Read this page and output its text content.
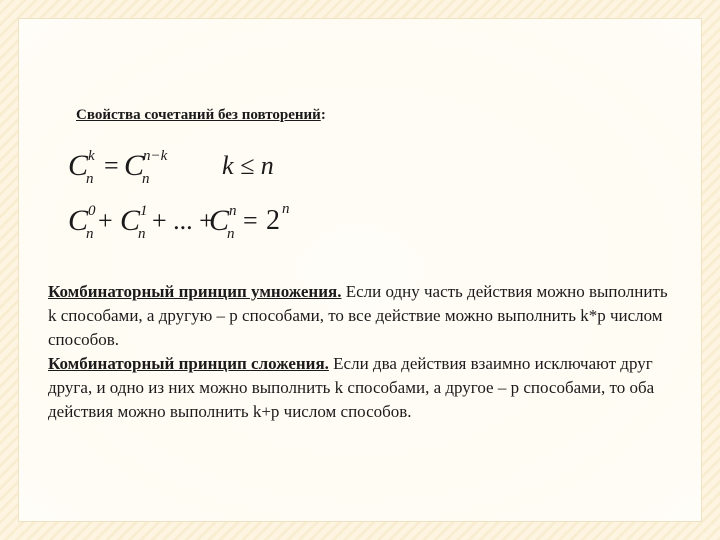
Свойства сочетаний без повторений:
C k
n = C
n−k
n	k ≤ n
C 0
n + C 1
n + ... +
C n
n = 2 n

Комбинаторный принцип умножения. Если одну часть действия можно выполнить k способами, а другую – p способами, то все действие можно выполнить k*p числом способов.

Комбинаторный принцип сложения. Если два действия взаимно исключают друг друга, и одно из них можно выполнить k способами, а другое – p способами, то оба действия можно выполнить k+p числом способов.
